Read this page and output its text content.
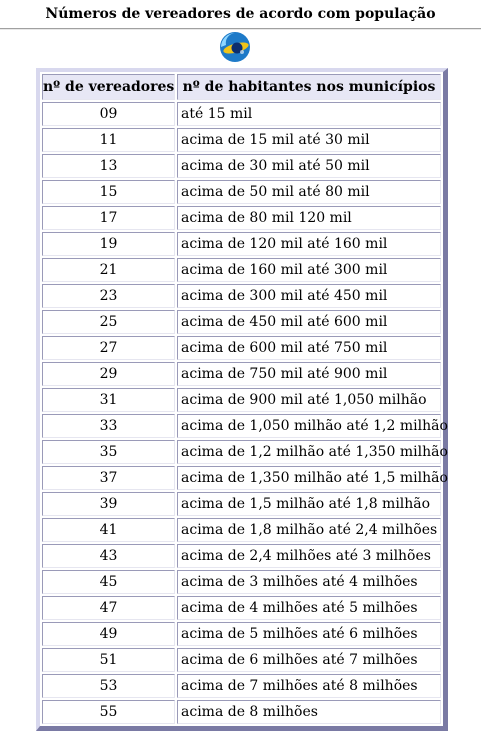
Números de vereadores de acordo com população
nº de vereadores	nº de habitantes nos municípios
09	até 15 mil
11	acima de 15 mil até 30 mil
13	acima de 30 mil até 50 mil
15	acima de 50 mil até 80 mil
17	acima de 80 mil 120 mil
19	acima de 120 mil até 160 mil
21	acima de 160 mil até 300 mil
23	acima de 300 mil até 450 mil
25	acima de 450 mil até 600 mil
27	acima de 600 mil até 750 mil
29	acima de 750 mil até 900 mil
31	acima de 900 mil até 1,050 milhão
33	acima de 1,050 milhão até 1,2 milhão
35	acima de 1,2 milhão até 1,350 milhão
37	acima de 1,350 milhão até 1,5 milhão
39	acima de 1,5 milhão até 1,8 milhão
41	acima de 1,8 milhão até 2,4 milhões
43	acima de 2,4 milhões até 3 milhões
45	acima de 3 milhões até 4 milhões
47	acima de 4 milhões até 5 milhões
49	acima de 5 milhões até 6 milhões
51	acima de 6 milhões até 7 milhões
53	acima de 7 milhões até 8 milhões
55	acima de 8 milhões
